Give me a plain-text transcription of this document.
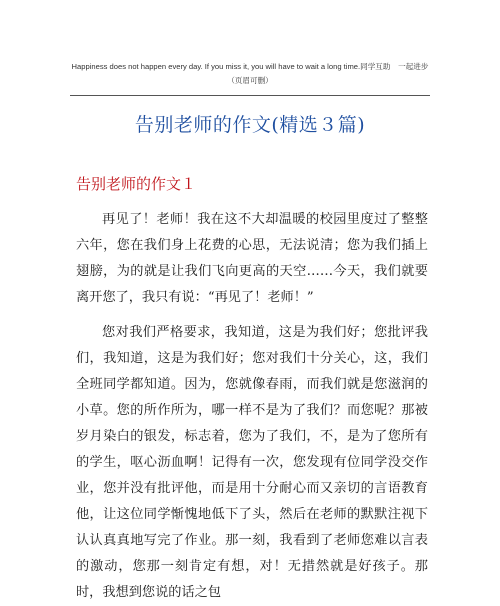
Happiness does not happen every day. If you miss it, you will have to wait a long time.同学互助　一起进步（页眉可删）
告别老师的作文(精选３篇)
告别老师的作文１

再见了！老师！我在这不大却温暖的校园里度过了整整六年，您在我们身上花费的心思，无法说清；您为我们插上翅膀，为的就是让我们飞向更高的天空……今天，我们就要离开您了，我只有说：“再见了！老师！”

您对我们严格要求，我知道，这是为我们好；您批评我们，我知道，这是为我们好；您对我们十分关心，这，我们全班同学都知道。因为，您就像春雨，而我们就是您滋润的小草。您的所作所为，哪一样不是为了我们？而您呢？那被岁月染白的银发，标志着，您为了我们，不，是为了您所有的学生，呕心沥血啊！记得有一次，您发现有位同学没交作业，您并没有批评他，而是用十分耐心而又亲切的言语教育他，让这位同学惭愧地低下了头，然后在老师的默默注视下认认真真地写完了作业。那一刻，我看到了老师您难以言表的激动，您那一刻肯定有想，对！无措然就是好孩子。那时，我想到您说的话之包
